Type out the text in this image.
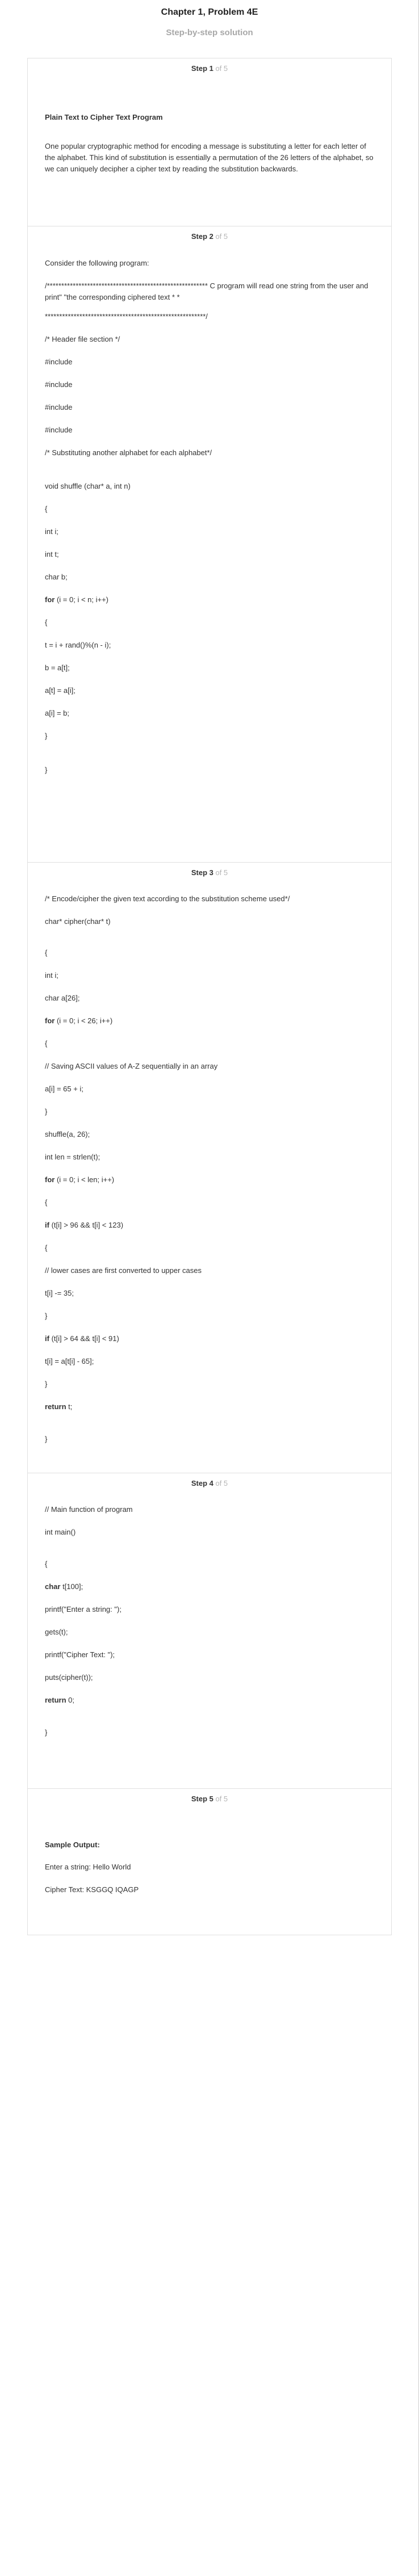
Chapter 1, Problem 4E
Step-by-step solution
Step 1 of 5
Plain Text to Cipher Text Program
One popular cryptographic method for encoding a message is substituting a letter for each letter of the alphabet. This kind of substitution is essentially a permutation of the 26 letters of the alphabet, so we can uniquely decipher a cipher text by reading the substitution backwards.
Step 2 of 5
Consider the following program:
/******************************************************** C program will read one string from the user and print" "the corresponding ciphered text * *
********************************************************/
/* Header file section */
#include
#include
#include
#include
/* Substituting another alphabet for each alphabet*/
void shuffle (char* a, int n)
{
int i;
int t;
char b;
for (i = 0; i < n; i++)
{
t = i + rand()%(n - i);
b = a[t];
a[t] = a[i];
a[i] = b;
}
}
Step 3 of 5
/* Encode/cipher the given text according to the substitution scheme used*/
char* cipher(char* t)
{
int i;
char a[26];
for (i = 0; i < 26; i++)
{
// Saving ASCII values of A-Z sequentially in an array
a[i] = 65 + i;
}
shuffle(a, 26);
int len = strlen(t);
for (i = 0; i < len; i++)
{
if (t[i] > 96 && t[i] < 123)
{
// lower cases are first converted to upper cases
t[i] -= 35;
}
if (t[i] > 64 && t[i] < 91)
t[i] = a[t[i] - 65];
}
return t;
}
Step 4 of 5
// Main function of program
int main()
{
char t[100];
printf("Enter a string: ");
gets(t);
printf("Cipher Text: ");
puts(cipher(t));
return 0;
}
Step 5 of 5
Sample Output:
Enter a string: Hello World
Cipher Text: KSGGQ IQAGP
